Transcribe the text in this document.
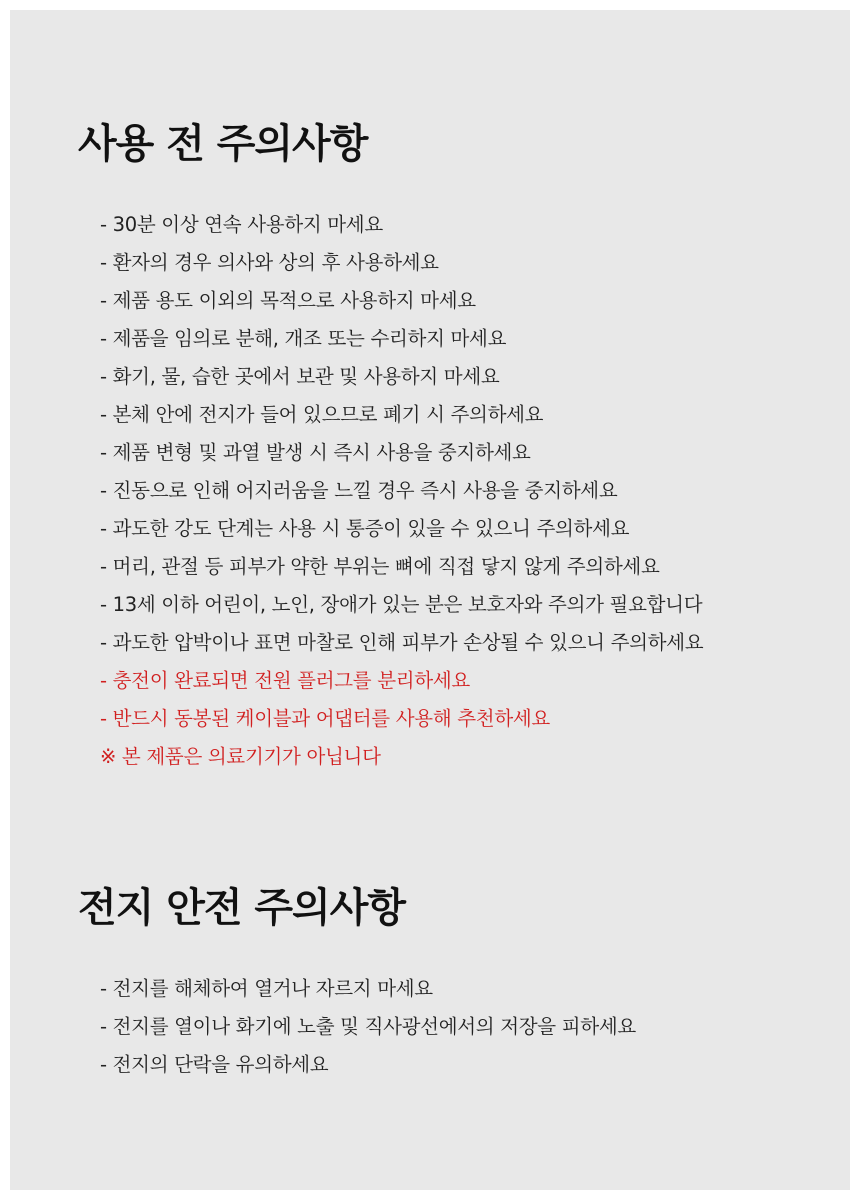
사용 전 주의사항
- 30분 이상 연속 사용하지 마세요
- 환자의 경우 의사와 상의 후 사용하세요
- 제품 용도 이외의 목적으로 사용하지 마세요
- 제품을 임의로 분해, 개조 또는 수리하지 마세요
- 화기, 물, 습한 곳에서 보관 및 사용하지 마세요
- 본체 안에 전지가 들어 있으므로 폐기 시 주의하세요
- 제품 변형 및 과열 발생 시 즉시 사용을 중지하세요
- 진동으로 인해 어지러움을 느낄 경우 즉시 사용을 중지하세요
- 과도한 강도 단계는 사용 시 통증이 있을 수 있으니 주의하세요
- 머리, 관절 등 피부가 약한 부위는 뼈에 직접 닿지 않게 주의하세요
- 13세 이하 어린이, 노인, 장애가 있는 분은 보호자와 주의가 필요합니다
- 과도한 압박이나 표면 마찰로 인해 피부가 손상될 수 있으니 주의하세요
- 충전이 완료되면 전원 플러그를 분리하세요
- 반드시 동봉된 케이블과 어댑터를 사용해 추천하세요
※ 본 제품은 의료기기가 아닙니다
전지 안전 주의사항
- 전지를 해체하여 열거나 자르지 마세요
- 전지를 열이나 화기에 노출 및 직사광선에서의 저장을 피하세요
- 전지의 단락을 유의하세요
